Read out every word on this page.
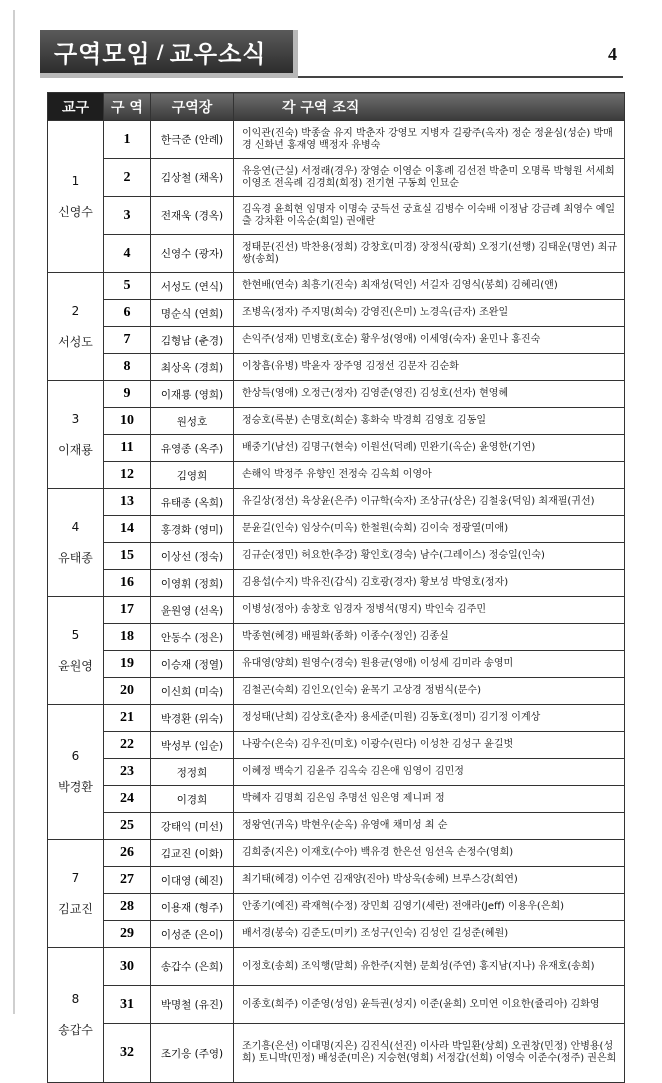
구역모임 / 교우소식	4
교구	구 역	구역장	각 구역 조직

1
신영수	1	한극준 (안례)	이익관(진숙) 박종술 유지 박춘자 강영모 지병자 길광주(옥자) 정순 정윤심(성순) 박매경 신화년 홍재영 백정자 유병숙
	2	김상철 (채옥)	유응연(근실) 서정래(경우) 장영순 이영순 이홍례 김선전 박춘미 오명록 박형원 서세희 이영조 전옥례 김경희(희정) 전기현 구동희 인묘순
	3	전재욱 (경옥)	김옥경 윤희현 임명자 이명숙 궁득선 궁효실 김병수 이숙배 이정남 강금례 최영수 예일출 강차환 이옥순(희일) 권애란
	4	신영수 (광자)	정태문(진선) 박찬용(정희) 강창호(미경) 장정식(광희) 오정기(선행) 김태운(명연) 최규쌍(송희)

2
서성도	5	서성도 (연식)	한현배(연숙) 최흥기(진숙) 최재성(덕인) 서길자 김영식(봉희) 김혜리(앤)
	6	명순식 (연희)	조병옥(정자) 주지명(희숙) 강영진(은미) 노경옥(금자) 조완일
	7	김형남 (춘경)	손익주(성재) 민병호(호순) 황우성(영애) 이세영(숙자) 윤민나 홍진숙
	8	최상옥 (경희)	이창흠(유병) 박윤자 장주영 김정선 김문자 김순화

3
이재룡	9	이재룡 (영희)	한상득(영애) 오정근(정자) 김영준(영진) 김성호(선자) 현영혜
	10	원성호	정승호(록분) 손명호(희순) 홍화숙 박경희 김영호 김동일
	11	유영종 (옥주)	배중기(남선) 김명구(현숙) 이원선(덕례) 민완기(옥순) 윤영한(기연)
	12	김영희	손해익 박정주 유향인 전정숙 김옥희 이영아

4
유태종	13	유태종 (옥희)	유길상(정선) 육상윤(은주) 이규학(숙자) 조상규(상은) 김철웅(덕임) 최재필(귀선)
	14	홍경화 (영미)	문윤길(인숙) 임상수(미옥) 한철원(숙희) 김이숙 정광열(미애)
	15	이상선 (정숙)	김규순(정민) 허요한(추강) 황인호(경숙) 남수(그레이스) 정승일(인숙)
	16	이영휘 (정희)	김용섭(수지) 박유진(갑식) 김호광(경자) 황보성 박영호(정자)

5
윤원영	17	윤원영 (선옥)	이병성(정아) 송창호 임경자 정병석(명지) 박인숙 김주민
	18	안동수 (정은)	박종현(혜경) 배필화(종화) 이종수(정인) 김종실
	19	이승재 (정열)	유대영(양희) 원영수(경숙) 원용균(영애) 이성세 김미라 송영미
	20	이신희 (미숙)	김철곤(숙희) 김인오(인숙) 윤목기 고상경 정범식(문수)

6
박경환	21	박경환 (위숙)	정성태(난희) 김상호(춘자) 용세준(미원) 김동호(정미) 김기정 이계상
	22	박성부 (임순)	나광수(은숙) 김우진(미호) 이광수(린다) 이성찬 김성구 윤길벗
	23	정정희	이혜정 백숙기 김윤주 김옥숙 김은애 임영이 김민정
	24	이경희	박혜자 김명희 김은임 추명선 임은영 제니퍼 정
	25	강태익 (미선)	정왕연(귀옥) 박현우(순옥) 유영애 채미성 최 순

7
김교진	26	김교진 (이화)	김희중(지은) 이재호(수아) 백유경 한은선 임선옥 손정수(영희)
	27	이대영 (혜진)	최기태(혜경) 이수연 김재양(진아) 박상욱(송혜) 브루스강(희연)
	28	이용재 (형주)	안종기(예진) 곽재혁(수정) 장민희 김영기(세란) 전애라(Jeff) 이용우(은희)
	29	이성준 (은이)	배서경(봉숙) 김준도(미키) 조성구(인숙) 김성인 길성준(혜원)

8
송갑수	30	송갑수 (은희)	이정호(송희) 조익행(말희) 유한주(지현) 문희성(주연) 홍지남(지나) 유재호(송희)
	31	박명철 (유진)	이종호(희주) 이준영(성임) 윤득권(성지) 이준(윤희) 오미연 이요한(쥴리아) 김화영
	32	조기응 (주영)	조기흥(은선) 이대명(지은) 김진식(선진) 이사라 박일환(상희) 오권창(민정) 안병용(성희) 토니박(민정) 배성준(미은) 지승현(영희) 서정갑(선희) 이영숙 이준수(정주) 권은희
